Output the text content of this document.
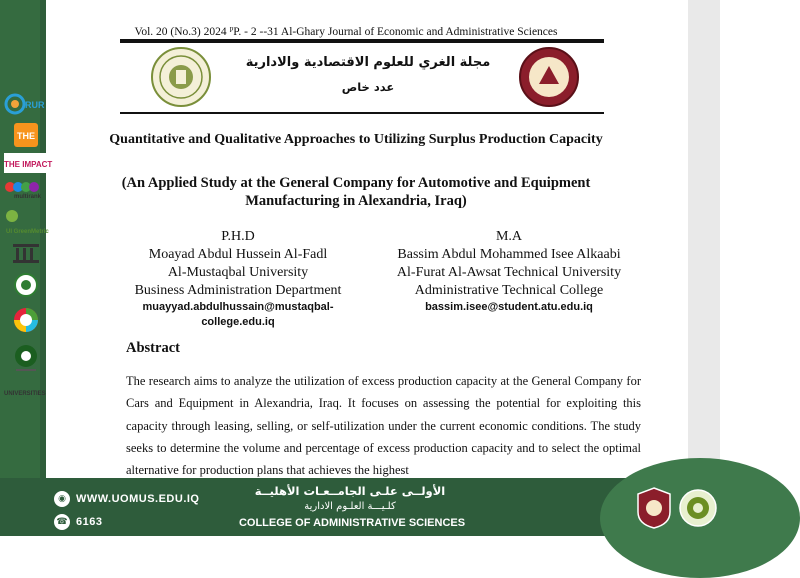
RUR
THE
THE IMPACT
multirank
UI GreenMetric
UNIVERSITIES
Vol. 20 (No.3) 2024 ᴾP. - 2 --31 Al-Ghary Journal of Economic and Administrative Sciences
مجلة الغري للعلوم الاقتصادية والادارية
عدد خاص
Quantitative and Qualitative Approaches to Utilizing Surplus Production Capacity
(An Applied Study at the General Company for Automotive and Equipment Manufacturing in Alexandria, Iraq)
P.H.D
Moayad Abdul Hussein Al-Fadl
Al-Mustaqbal University
Business Administration Department
muayyad.abdulhussain@mustaqbal-college.edu.iq
M.A
Bassim Abdul Mohammed Isee Alkaabi
Al-Furat Al-Awsat Technical University
Administrative Technical College
bassim.isee@student.atu.edu.iq
Abstract
The research aims to analyze the utilization of excess production capacity at the General Company for Cars and Equipment in Alexandria, Iraq. It focuses on assessing the potential for exploiting this capacity through leasing, selling, or self-utilization under the current economic conditions. The study seeks to determine the volume and percentage of excess production capacity and to select the optimal alternative for production plans that achieves the highest
◉ WWW.UOMUS.EDU.IQ
☎ 6163
الأولــى علـى الجامــعـات الأهليــة
كلـيـــة العلـوم الادارية
COLLEGE OF ADMINISTRATIVE SCIENCES
